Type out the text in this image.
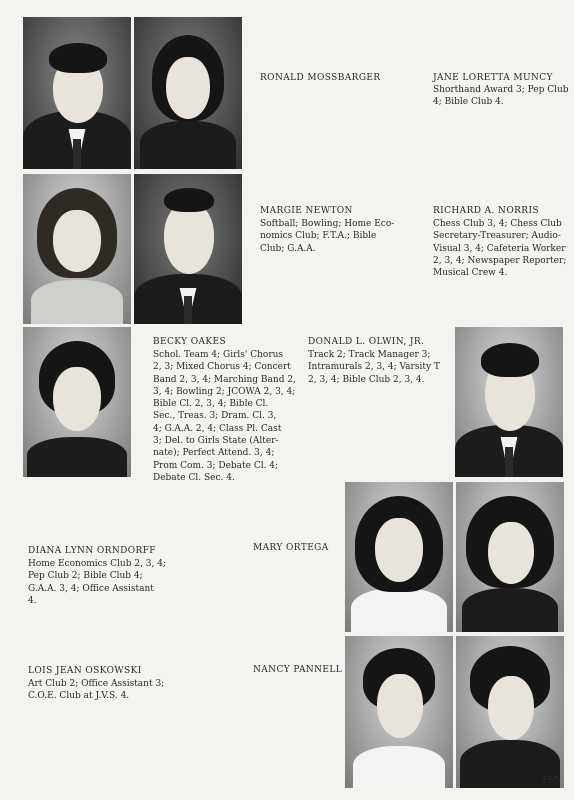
RONALD MOSSBARGER	JANE LORETTA MUNCY
Shorthand Award 3; Pep Club
4; Bible Club 4.
MARGIE NEWTON
Softball; Bowling; Home Eco-
nomics Club; F.T.A.; Bible
Club; G.A.A.
RICHARD A. NORRIS
Chess Club 3, 4; Chess Club
Secretary-Treasurer; Audio-
Visual 3, 4; Cafeteria Worker
2, 3, 4; Newspaper Reporter;
Musical Crew 4.
BECKY OAKES
Schol. Team 4; Girls' Chorus
2, 3; Mixed Chorus 4; Concert
Band 2, 3, 4; Marching Band 2,
3, 4; Bowling 2; JCOWA 2, 3, 4;
Bible Cl. 2, 3, 4; Bible Cl.
Sec., Treas. 3; Dram. Cl. 3,
4; G.A.A. 2, 4; Class Pl. Cast
3; Del. to Girls State (Alter-
nate); Perfect Attend. 3, 4;
Prom Com. 3; Debate Cl. 4;
Debate Cl. Sec. 4.
DONALD L. OLWIN, JR.
Track 2; Track Manager 3;
Intramurals 2, 3, 4; Varsity T
2, 3, 4; Bible Club 2, 3, 4.
DIANA LYNN ORNDORFF
Home Economics Club 2, 3, 4;
Pep Club 2; Bible Club 4;
G.A.A. 3, 4; Office Assistant
4.
MARY ORTEGA
LOIS JEAN OSKOWSKI
Art Club 2; Office Assistant 3;
C.O.E. Club at J.V.S. 4.
NANCY PANNELL
155
